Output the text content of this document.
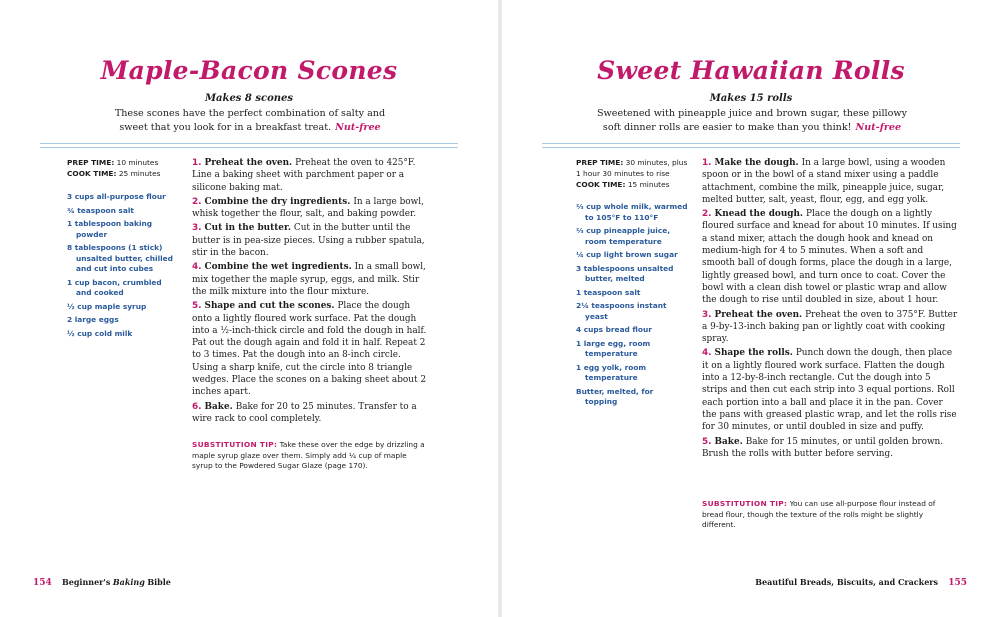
Maple-Bacon Scones
Makes 8 scones
These scones have the perfect combination of salty and
sweet that you look for in a breakfast treat. Nut-free
PREP TIME: 10 minutes
COOK TIME: 25 minutes
3 cups all-purpose flour
¾ teaspoon salt
1 tablespoon baking powder
8 tablespoons (1 stick) unsalted butter, chilled and cut into cubes
1 cup bacon, crumbled and cooked
½ cup maple syrup
2 large eggs
½ cup cold milk
1. Preheat the oven. Preheat the oven to 425°F. Line a baking sheet with parchment paper or a silicone baking mat.
2. Combine the dry ingredients. In a large bowl, whisk together the flour, salt, and baking powder.
3. Cut in the butter. Cut in the butter until the butter is in pea-size pieces. Using a rubber spatula, stir in the bacon.
4. Combine the wet ingredients. In a small bowl, mix together the maple syrup, eggs, and milk. Stir the milk mixture into the flour mixture.
5. Shape and cut the scones. Place the dough onto a lightly floured work surface. Pat the dough into a ½-inch-thick circle and fold the dough in half. Pat out the dough again and fold it in half. Repeat 2 to 3 times. Pat the dough into an 8-inch circle. Using a sharp knife, cut the circle into 8 triangle wedges. Place the scones on a baking sheet about 2 inches apart.
6. Bake. Bake for 20 to 25 minutes. Transfer to a wire rack to cool completely.
SUBSTITUTION TIP: Take these over the edge by drizzling a maple syrup glaze over them. Simply add ¼ cup of maple syrup to the Powdered Sugar Glaze (page 170).
154 Beginner's Baking Bible
Sweet Hawaiian Rolls
Makes 15 rolls
Sweetened with pineapple juice and brown sugar, these pillowy
soft dinner rolls are easier to make than you think! Nut-free
PREP TIME: 30 minutes, plus 1 hour 30 minutes to rise
COOK TIME: 15 minutes
⅔ cup whole milk, warmed to 105°F to 110°F
⅔ cup pineapple juice, room temperature
¼ cup light brown sugar
3 tablespoons unsalted butter, melted
1 teaspoon salt
2¼ teaspoons instant yeast
4 cups bread flour
1 large egg, room temperature
1 egg yolk, room temperature
Butter, melted, for topping
1. Make the dough. In a large bowl, using a wooden spoon or in the bowl of a stand mixer using a paddle attachment, combine the milk, pineapple juice, sugar, melted butter, salt, yeast, flour, egg, and egg yolk.
2. Knead the dough. Place the dough on a lightly floured surface and knead for about 10 minutes. If using a stand mixer, attach the dough hook and knead on medium-high for 4 to 5 minutes. When a soft and smooth ball of dough forms, place the dough in a large, lightly greased bowl, and turn once to coat. Cover the bowl with a clean dish towel or plastic wrap and allow the dough to rise until doubled in size, about 1 hour.
3. Preheat the oven. Preheat the oven to 375°F. Butter a 9-by-13-inch baking pan or lightly coat with cooking spray.
4. Shape the rolls. Punch down the dough, then place it on a lightly floured work surface. Flatten the dough into a 12-by-8-inch rectangle. Cut the dough into 5 strips and then cut each strip into 3 equal portions. Roll each portion into a ball and place it in the pan. Cover the pans with greased plastic wrap, and let the rolls rise for 30 minutes, or until doubled in size and puffy.
5. Bake. Bake for 15 minutes, or until golden brown. Brush the rolls with butter before serving.
SUBSTITUTION TIP: You can use all-purpose flour instead of bread flour, though the texture of the rolls might be slightly different.
Beautiful Breads, Biscuits, and Crackers 155
